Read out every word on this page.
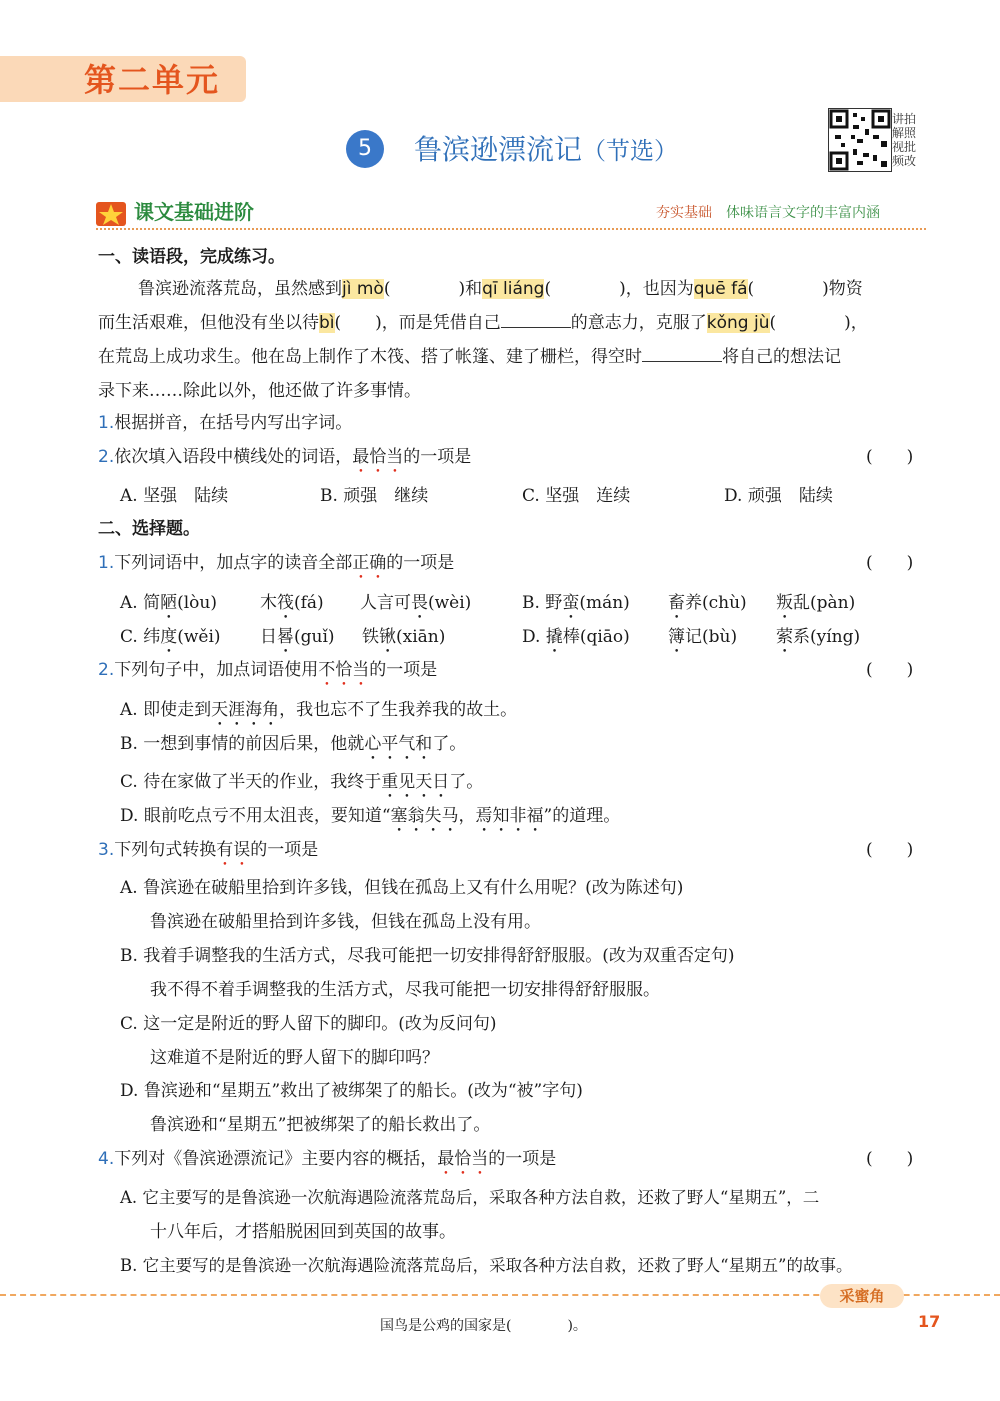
第二单元
5	鲁滨逊漂流记（节选）
讲拍
解照
视批
频改
课文基础进阶	夯实基础　 体味语言文字的丰富内涵
一、读语段，完成练习。
鲁滨逊流落荒岛，虽然感到jì mò(　　　　)和qī liáng(　　　　)，也因为quē fá(　　　　)物资
而生活艰难，但他没有坐以待bì(　　)，而是凭借自己	的意志力，克服了kǒng jù(　　　　)，
在荒岛上成功求生。他在岛上制作了木筏、搭了帐篷、建了栅栏，得空时	将自己的想法记
录下来……除此以外，他还做了许多事情。
1.根据拼音，在括号内写出字词。
2.依次填入语段中横线处的词语，最恰当的一项是	(　　)
A. 坚强　陆续	B. 顽强　继续	C. 坚强　连续	D. 顽强　陆续
二、选择题。
1.下列词语中，加点字的读音全部正确的一项是	(　　)
A. 简陋(lòu)	木筏(fá) 人言可畏(wèi)	B. 野蛮(mán) 畜养(chù) 叛乱(pàn)
C. 纬度(wěi) 日晷(guǐ) 铁锹(xiān)	D. 撬棒(qiāo) 簿记(bù) 萦系(yíng)
2.下列句子中，加点词语使用不恰当的一项是	(　　)
A. 即使走到天涯海角，我也忘不了生我养我的故土。
B. 一想到事情的前因后果，他就心平气和了。
C. 待在家做了半天的作业，我终于重见天日了。
D. 眼前吃点亏不用太沮丧，要知道“塞翁失马，焉知非福”的道理。
3.下列句式转换有误的一项是	(　　)
A. 鲁滨逊在破船里拾到许多钱，但钱在孤岛上又有什么用呢？(改为陈述句)
鲁滨逊在破船里拾到许多钱，但钱在孤岛上没有用。
B. 我着手调整我的生活方式，尽我可能把一切安排得舒舒服服。(改为双重否定句)
我不得不着手调整我的生活方式，尽我可能把一切安排得舒舒服服。
C. 这一定是附近的野人留下的脚印。(改为反问句)
这难道不是附近的野人留下的脚印吗？
D. 鲁滨逊和“星期五”救出了被绑架了的船长。(改为“被”字句)
鲁滨逊和“星期五”把被绑架了的船长救出了。
4.下列对《鲁滨逊漂流记》主要内容的概括，最恰当的一项是	(　　)
A. 它主要写的是鲁滨逊一次航海遇险流落荒岛后，采取各种方法自救，还救了野人“星期五”，二
十八年后，才搭船脱困回到英国的故事。
B. 它主要写的是鲁滨逊一次航海遇险流落荒岛后，采取各种方法自救，还救了野人“星期五”的故事。
采蜜角
国鸟是公鸡的国家是(　　　　)。	17
